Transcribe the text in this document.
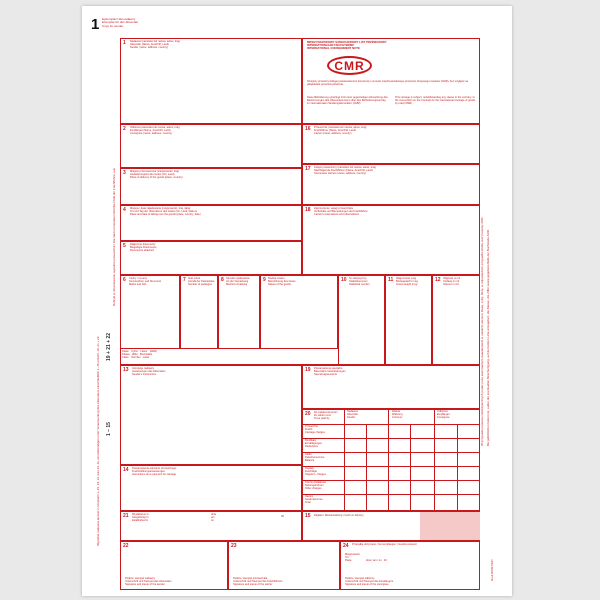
1 Egzemplarz dla nadawcy
Exemplar für den Absender
Copy for sender
Wypełnia nadawca łącznie z rubrykami 1–15, 19, 21 oraz 22. Zu vervollständigen unter Verantwortung des Absenders einschließlich 1–15 einschl. 19, 21 + 22 1 – 15
19 + 21 + 22
Rubryki w obramowaniu wypełnia przewoźnik / Die stark umrandeten Rubriken füllt der Frachtführer aus	W przypadku towarów niebezpiecznych podać poza ewentualnym świadectwem w ostatnim wierszu: klasę, cyfrę, literę, w odpowiednim przypadku liczbę oraz przepisy ADR. Bei gefährlichen Gütern ist, außer der eventuellen Bescheinigung, auf der letzten Linie anzugeben: die Klasse, die Ziffer sowie gegebenenfalls der Buchstabe ADR.
Druk RRW 0101
1 Nadawca (nazwisko lub nazwa, adres, kraj)
Absender (Name, Anschrift, Land)
Sender (name, address, country)
MIĘDZYNARODOWY SAMOCHODOWY LIST PRZEWOZOWY
INTERNATIONALER FRACHTBRIEF
INTERNATIONAL CONSIGNMENT NOTE
CMR
Niniejszy przewóz podlega postanowieniom konwencji o umowie międzynarodowego przewozu drogowego towarów (CMR), bez względu na jakąkolwiek przeciwną klauzulę.
Diese Beförderung unterliegt trotz einer gegenteiligen Abmachung den Bestimmungen des Übereinkommens über den Beförderungsvertrag im internationalen Straßengüterverkehr (CMR).
This carriage is subject, notwithstanding any clause to the contrary, to the Convention on the Contract for the international Carriage of goods by road (CMR).
2 Odbiorca (nazwisko lub nazwa, adres, kraj)
Empfänger (Name, Anschrift, Land)
Consignee (name, address, country)
16 Przewoźnik (nazwisko lub nazwa, adres, kraj)
Frachtführer (Name, Anschrift, Land)
Carrier (name, address, country)
3 Miejsce przeznaczenia (miejscowość, kraj)
Auslieferungsort des Gutes (Ort, Land)
Place of delivery of the goods (place, country)
17 Kolejni przewoźnicy (nazwisko lub nazwa, adres, kraj)
Nachfolgende Frachtführer (Name, Anschrift, Land)
Successive carriers (name, address, country)
4 Miejsce i data załadowania (miejscowość, kraj, data)
Ort und Tag der Übernahme des Gutes (Ort, Land, Datum)
Place and date of taking over the goods (place, country, date)
18 Zastrzeżenia i uwagi przewoźnika
Vorbehalte und Bemerkungen der Frachtführer
Carrier's reservations and observations
5 Załączone dokumenty
Beigefügte Dokumente
Documents attached
6 Cechy i numery
Kennzeichen und Nummern
Marks and Nos
7 Ilość sztuk
Anzahl der Packstücke
Number of packages
8 Sposób opakowania
Art der Verpackung
Method of packing
9 Rodzaj towaru
Bezeichnung des Gutes
Nature of the goods
10 Nr statystyczny
Statistiknummer
Statistical number
11 Waga brutto w kg
Bruttogewicht in kg
Gross weight in kg
12 Objętość w m3
Umfang in m3
Volume in m3
Klasa    Cyfra    Litera    (ADR)
Klasse   Ziffer   Buchstabe
Class    Number   Letter
13 Instrukcje nadawcy
Anweisungen des Absenders
Sender's instructions
19 Postanowienia specjalne
Besondere Vereinbarungen
Special agreements
20 Do zapłacenia przez
Zu zahlen vom
To be paid by
Nadawca
Absender
Sender
Waluta
Währung
Currency
Odbiorca
Empfänger
Consignee
Przewoźne
Fracht
Carriage charges
Bonifikaty
Ermäßigungen
Deductions
Saldo
Zwischensumme
Balance
Dopłaty
Zuschläge
Supplem. charges
Koszty dodatkowe
Nebengebühren
Other charges
Razem
Gesamtsumme
Total
14 Postanowienia odnośnie przewoźnego
Frachtzahlungsanweisungen
Instructions as to payment for carriage
21 Wystawiono w
Ausgefertigt in
Established in
dnia
am
on
20	15 Zapłata / Rückerstattung / Cash on delivery
22
Podpis i stempel nadawcy
Unterschrift und Stempel des Absenders
Signature and stamp of the sender
23
Podpis i stempel przewoźnika
Unterschrift und Stempel des Frachtführers
Signature and stamp of the carrier
24 Przesyłkę otrzymano / Gut empfangen / Goods received
Miejscowość
Ort
Place                    dnia / am / on   20
Podpis i stempel odbiorcy
Unterschrift und Stempel des Empfängers
Signature and stamp of the consignee
